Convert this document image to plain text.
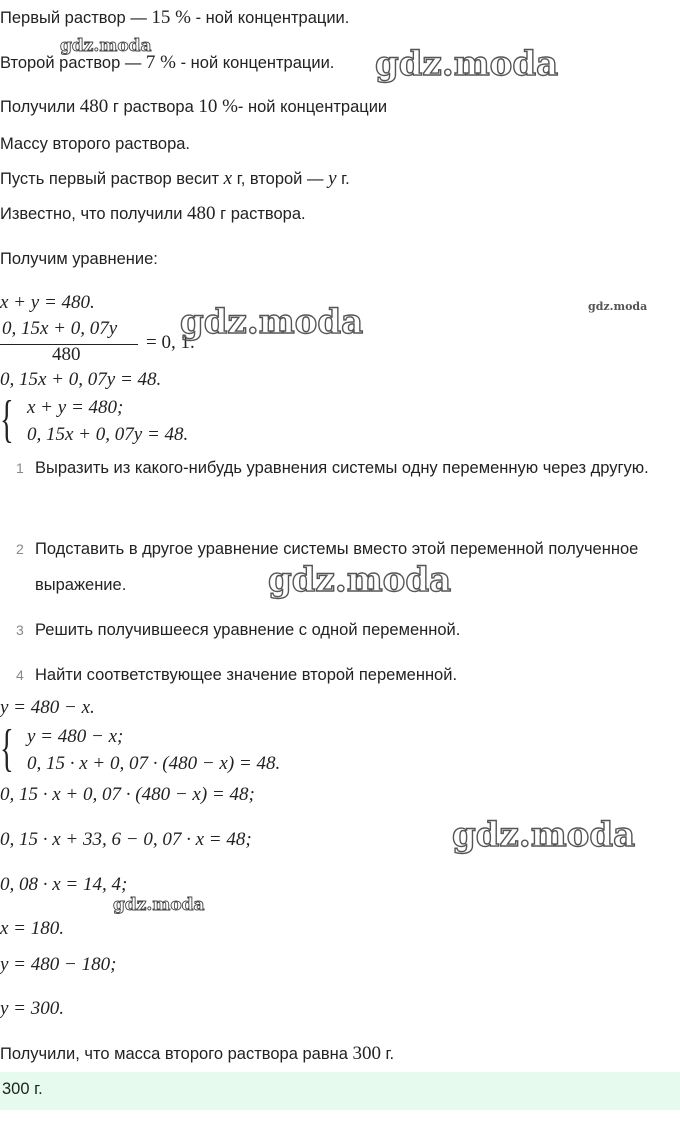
Первый раствор — 15 % - ной концентрации.
Второй раствор — 7 % - ной концентрации.
Получили 480 г раствора 10 %- ной концентрации
Массу второго раствора.
Пусть первый раствор весит x г, второй — y г.
Известно, что получили 480 г раствора.
Получим уравнение:
x + y = 480.
0, 15x + 0, 07y
480
= 0, 1.
0, 15x + 0, 07y = 48.
{ x + y = 480;
0, 15x + 0, 07y = 48.
1 Выразить из какого-нибудь уравнения системы одну переменную через другую.
2 Подставить в другое уравнение системы вместо этой переменной полученное выражение.
3 Решить получившееся уравнение с одной переменной.
4 Найти соответствующее значение второй переменной.
y = 480 − x.
{ y = 480 − x;
0, 15 · x + 0, 07 · (480 − x) = 48.
0, 15 · x + 0, 07 · (480 − x) = 48;
0, 15 · x + 33, 6 − 0, 07 · x = 48;
0, 08 · x = 14, 4;
x = 180.
y = 480 − 180;
y = 300.
Получили, что масса второго раствора равна 300 г.
300 г.
gdz.moda	gdz.moda
gdz.moda
gdz.moda
gdz.moda
gdz.moda
gdz.moda
